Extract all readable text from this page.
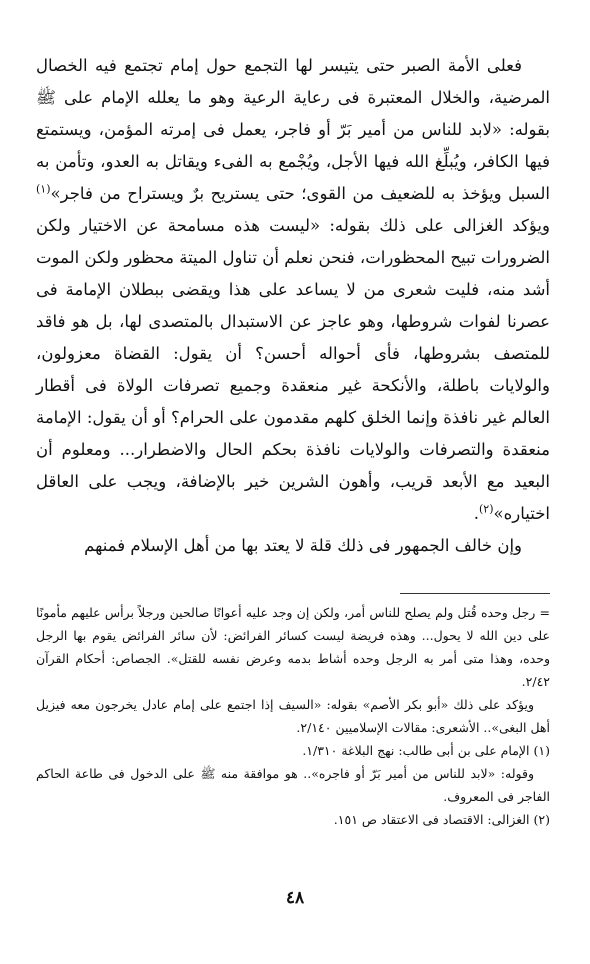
فعلى الأمة الصبر حتى يتيسر لها التجمع حول إمام تجتمع فيه الخصال المرضية، والخلال المعتبرة فى رعاية الرعية وهو ما يعلله الإمام على ﷺ بقوله: «لابد للناس من أمير بَرّ أو فاجر، يعمل فى إمرته المؤمن، ويستمتع فيها الكافر، ويُبلِّغ الله فيها الأجل، ويُجْمع به الفىء ويقاتل به العدو، وتأمن به السبل ويؤخذ به للضعيف من القوى؛ حتى يستريح برٌ ويستراح من فاجر»$^{(١)}$ ويؤكد الغزالى على ذلك بقوله: «ليست هذه مسامحة عن الاختيار ولكن الضرورات تبيح المحظورات، فنحن نعلم أن تناول الميتة محظور ولكن الموت أشد منه، فليت شعرى من لا يساعد على هذا ويقضى ببطلان الإمامة فى عصرنا لفوات شروطها، وهو عاجز عن الاستبدال بالمتصدى لها، بل هو فاقد للمتصف بشروطها، فأى أحواله أحسن؟ أن يقول: القضاة معزولون، والولايات باطلة، والأنكحة غير منعقدة وجميع تصرفات الولاة فى أقطار العالم غير نافذة وإنما الخلق كلهم مقدمون على الحرام؟ أو أن يقول: الإمامة منعقدة والتصرفات والولايات نافذة بحكم الحال والاضطرار... ومعلوم أن البعيد مع الأبعد قريب، وأهون الشرين خير بالإضافة، ويجب على العاقل اختياره»$^{(٢)}$.

وإن خالف الجمهور فى ذلك قلة لا يعتد بها من أهل الإسلام فمنهم

= رجل وحده قُتل ولم يصلح للناس أمر، ولكن إن وجد عليه أعوانًا صالحين ورجلاً برأس عليهم مأمونًا على دين الله لا يحول... وهذه فريضة ليست كسائر الفرائض: لأن سائر الفرائض يقوم بها الرجل وحده، وهذا متى أمر به الرجل وحده أشاط بدمه وعرض نفسه للقتل». الجصاص: أحكام القرآن ٢/٤٢.

ويؤكد على ذلك «أبو بكر الأصم» بقوله: «السيف إذا اجتمع على إمام عادل يخرجون معه فيزيل أهل البغى».. الأشعرى: مقالات الإسلاميين ٢/١٤٠.

(١) الإمام على بن أبى طالب: نهج البلاغة ١/٣١٠.

وقوله: «لابد للناس من أمير بَرّ أو فاجره».. هو موافقة منه ﷺ على الدخول فى طاعة الحاكم الفاجر فى المعروف.

(٢) الغزالى: الاقتصاد فى الاعتقاد ص ١٥١.

٤٨
